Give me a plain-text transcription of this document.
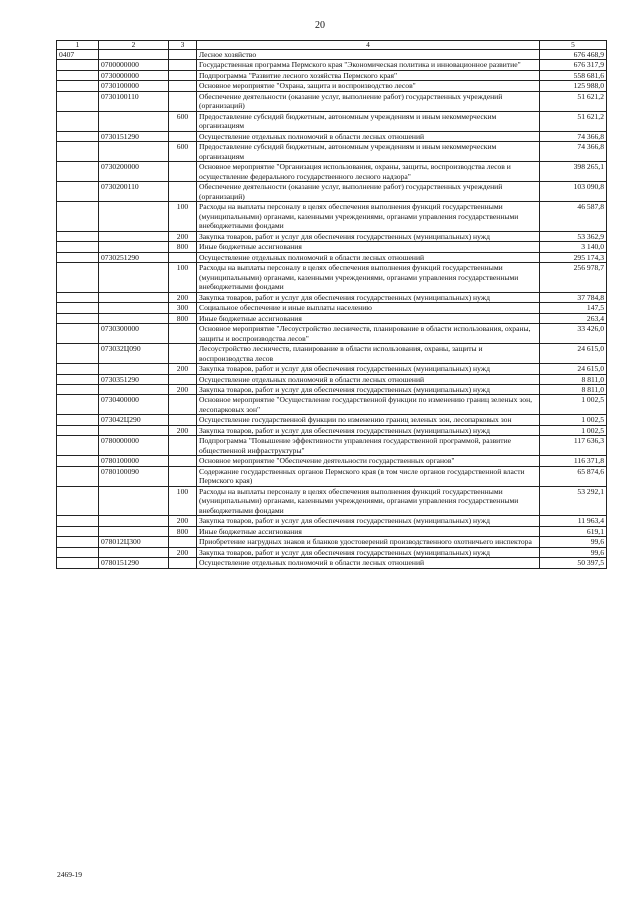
20
1	2	3	4	5
0407			Лесное хозяйство	676 468,9
	0700000000		Государственная программа Пермского края "Экономическая политика и инновационное развитие"	676 317,9
	0730000000		Подпрограмма "Развитие лесного хозяйства Пермского края"	558 681,6
	0730100000		Основное мероприятие "Охрана, защита и воспроизводство лесов"	125 988,0
	0730100110		Обеспечение деятельности (оказание услуг, выполнение работ) государственных учреждений (организаций)	51 621,2
		600	Предоставление субсидий бюджетным, автономным учреждениям и иным некоммерческим организациям	51 621,2
	0730151290		Осуществление отдельных полномочий в области лесных отношений	74 366,8
		600	Предоставление субсидий бюджетным, автономным учреждениям и иным некоммерческим организациям	74 366,8
	0730200000		Основное мероприятие "Организация использования, охраны, защиты, воспроизводства лесов и осуществление федерального государственного лесного надзора"	398 265,1
	0730200110		Обеспечение деятельности (оказание услуг, выполнение работ) государственных учреждений (организаций)	103 090,8
		100	Расходы на выплаты персоналу в целях обеспечения выполнения функций государственными (муниципальными) органами, казенными учреждениями, органами управления государственными внебюджетными фондами	46 587,8
		200	Закупка товаров, работ и услуг для обеспечения государственных (муниципальных) нужд	53 362,9
		800	Иные бюджетные ассигнования	3 140,0
	0730251290		Осуществление отдельных полномочий в области лесных отношений	295 174,3
		100	Расходы на выплаты персоналу в целях обеспечения выполнения функций государственными (муниципальными) органами, казенными учреждениями, органами управления государственными внебюджетными фондами	256 978,7
		200	Закупка товаров, работ и услуг для обеспечения государственных (муниципальных) нужд	37 784,8
		300	Социальное обеспечение и иные выплаты населению	147,5
		800	Иные бюджетные ассигнования	263,4
	0730300000		Основное мероприятие "Лесоустройство лесничеств, планирование в области использования, охраны, защиты и воспроизводства лесов"	33 426,0
	073032Ц090		Лесоустройство лесничеств, планирование в области использования, охраны, защиты и воспроизводства лесов	24 615,0
		200	Закупка товаров, работ и услуг для обеспечения государственных (муниципальных) нужд	24 615,0
	0730351290		Осуществление отдельных полномочий в области лесных отношений	8 811,0
		200	Закупка товаров, работ и услуг для обеспечения государственных (муниципальных) нужд	8 811,0
	0730400000		Основное мероприятие "Осуществление государственной функции по изменению границ зеленых зон, лесопарковых зон"	1 002,5
	073042Ц290		Осуществление государственной функции по изменению границ зеленых зон, лесопарковых зон	1 002,5
		200	Закупка товаров, работ и услуг для обеспечения государственных (муниципальных) нужд	1 002,5
	0780000000		Подпрограмма "Повышение эффективности управления государственной программой, развитие общественной инфраструктуры"	117 636,3
	0780100000		Основное мероприятие "Обеспечение деятельности государственных органов"	116 371,8
	0780100090		Содержание государственных органов Пермского края (в том числе органов государственной власти Пермского края)	65 874,6
		100	Расходы на выплаты персоналу в целях обеспечения выполнения функций государственными (муниципальными) органами, казенными учреждениями, органами управления государственными внебюджетными фондами	53 292,1
		200	Закупка товаров, работ и услуг для обеспечения государственных (муниципальных) нужд	11 963,4
		800	Иные бюджетные ассигнования	619,1
	078012Ц300		Приобретение нагрудных знаков и бланков удостоверений производственного охотничьего инспектора	99,6
		200	Закупка товаров, работ и услуг для обеспечения государственных (муниципальных) нужд	99,6
	0780151290		Осуществление отдельных полномочий в области лесных отношений	50 397,5
2469-19
